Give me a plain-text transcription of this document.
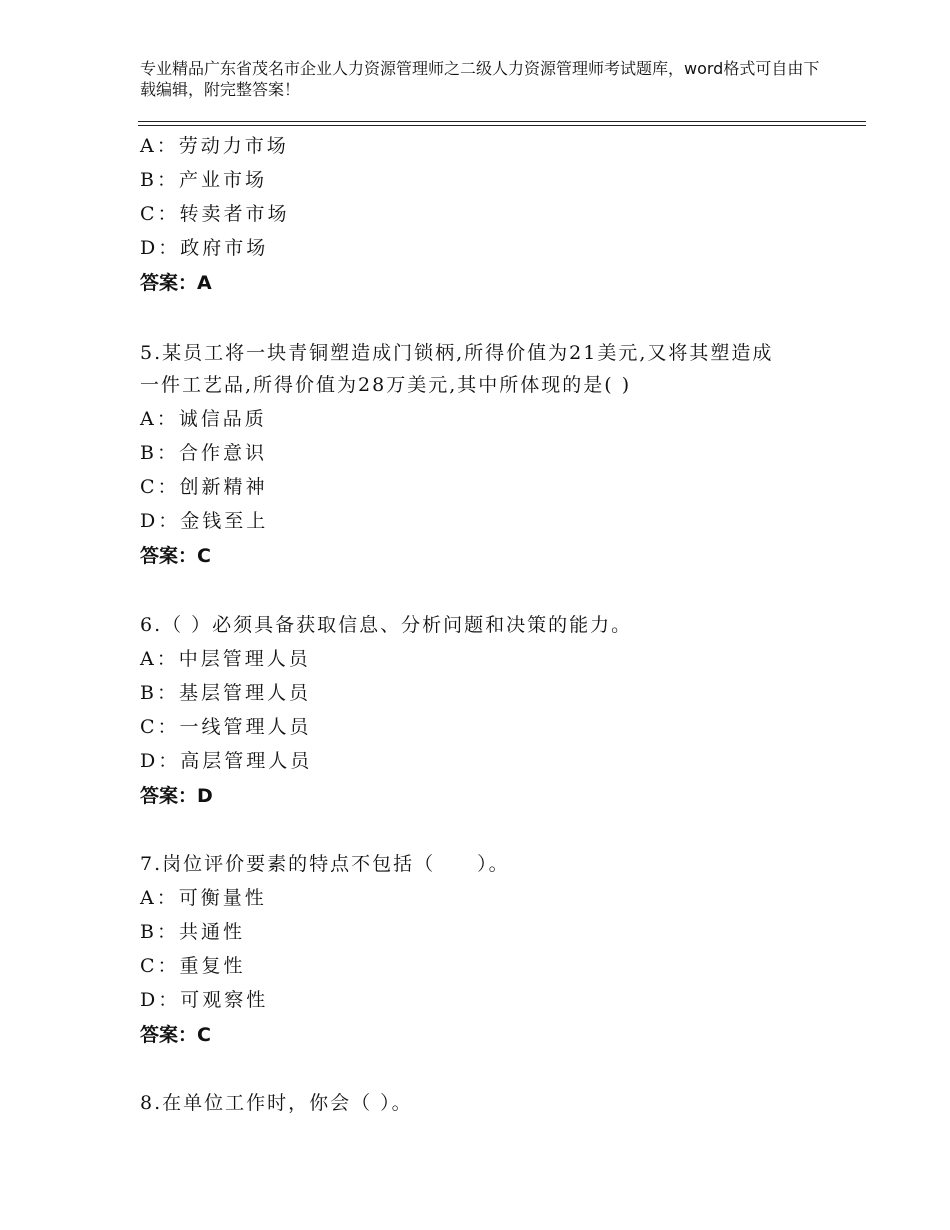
专业精品广东省茂名市企业人力资源管理师之二级人力资源管理师考试题库，word格式可自由下载编辑，附完整答案！
A：劳动力市场
B：产业市场
C：转卖者市场
D：政府市场
答案：A
5.某员工将一块青铜塑造成门锁柄,所得价值为21美元,又将其塑造成
一件工艺品,所得价值为28万美元,其中所体现的是( )
A：诚信品质
B：合作意识
C：创新精神
D：金钱至上
答案：C
6.（ ）必须具备获取信息、分析问题和决策的能力。
A：中层管理人员
B：基层管理人员
C：一线管理人员
D：高层管理人员
答案：D
7.岗位评价要素的特点不包括（　　）。
A：可衡量性
B：共通性
C：重复性
D：可观察性
答案：C
8.在单位工作时，你会（ ）。
